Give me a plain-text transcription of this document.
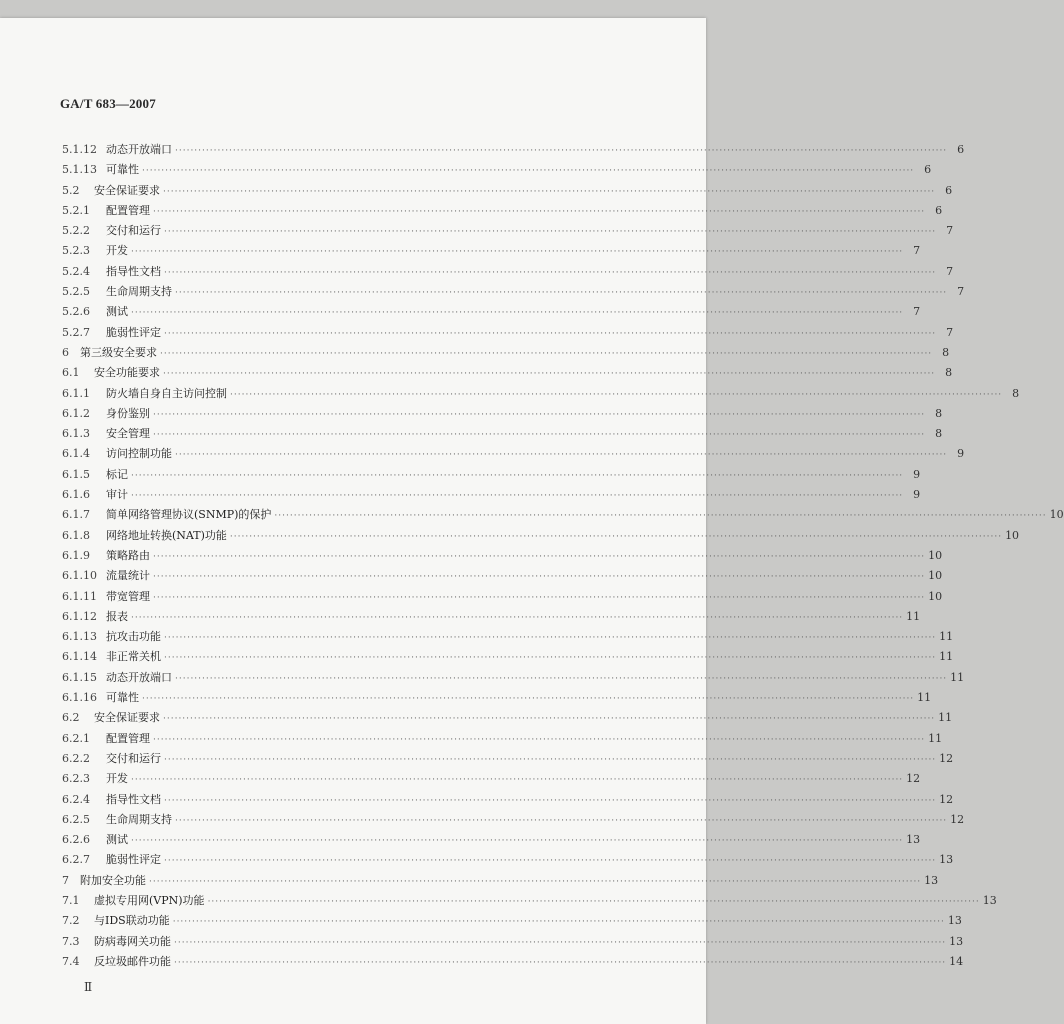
GA/T 683—2007
5.1.12 动态开放端口 ········································································································································································································ 6
5.1.13 可靠性 ········································································································································································································ 6
5.2	安全保证要求 ········································································································································································································ 6
5.2.1	配置管理 ········································································································································································································ 6
5.2.2	交付和运行 ········································································································································································································ 7
5.2.3	开发 ········································································································································································································ 7
5.2.4	指导性文档 ········································································································································································································ 7
5.2.5	生命周期支持 ········································································································································································································ 7
5.2.6	测试 ········································································································································································································ 7
5.2.7	脆弱性评定 ········································································································································································································ 7
6	第三级安全要求 ········································································································································································································ 8
6.1	安全功能要求 ········································································································································································································ 8
6.1.1	防火墙自身自主访问控制 ········································································································································································································ 8
6.1.2	身份鉴别 ········································································································································································································ 8
6.1.3	安全管理 ········································································································································································································ 8
6.1.4	访问控制功能 ········································································································································································································ 9
6.1.5	标记 ········································································································································································································ 9
6.1.6	审计 ········································································································································································································ 9
6.1.7	简单网络管理协议(SNMP)的保护 ········································································································································································································ 10
6.1.8	网络地址转换(NAT)功能 ········································································································································································································ 10
6.1.9	策略路由 ········································································································································································································ 10
6.1.10 流量统计 ········································································································································································································ 10
6.1.11 带宽管理 ········································································································································································································ 10
6.1.12 报表 ········································································································································································································ 11
6.1.13 抗攻击功能 ········································································································································································································ 11
6.1.14 非正常关机 ········································································································································································································ 11
6.1.15 动态开放端口 ········································································································································································································ 11
6.1.16 可靠性 ········································································································································································································ 11
6.2	安全保证要求 ········································································································································································································ 11
6.2.1	配置管理 ········································································································································································································ 11
6.2.2	交付和运行 ········································································································································································································ 12
6.2.3	开发 ········································································································································································································ 12
6.2.4	指导性文档 ········································································································································································································ 12
6.2.5	生命周期支持 ········································································································································································································ 12
6.2.6	测试 ········································································································································································································ 13
6.2.7	脆弱性评定 ········································································································································································································ 13
7	附加安全功能 ········································································································································································································ 13
7.1	虚拟专用网(VPN)功能 ········································································································································································································ 13
7.2	与IDS联动功能 ········································································································································································································ 13
7.3	防病毒网关功能 ········································································································································································································ 13
7.4	反垃圾邮件功能 ········································································································································································································ 14
Ⅱ
